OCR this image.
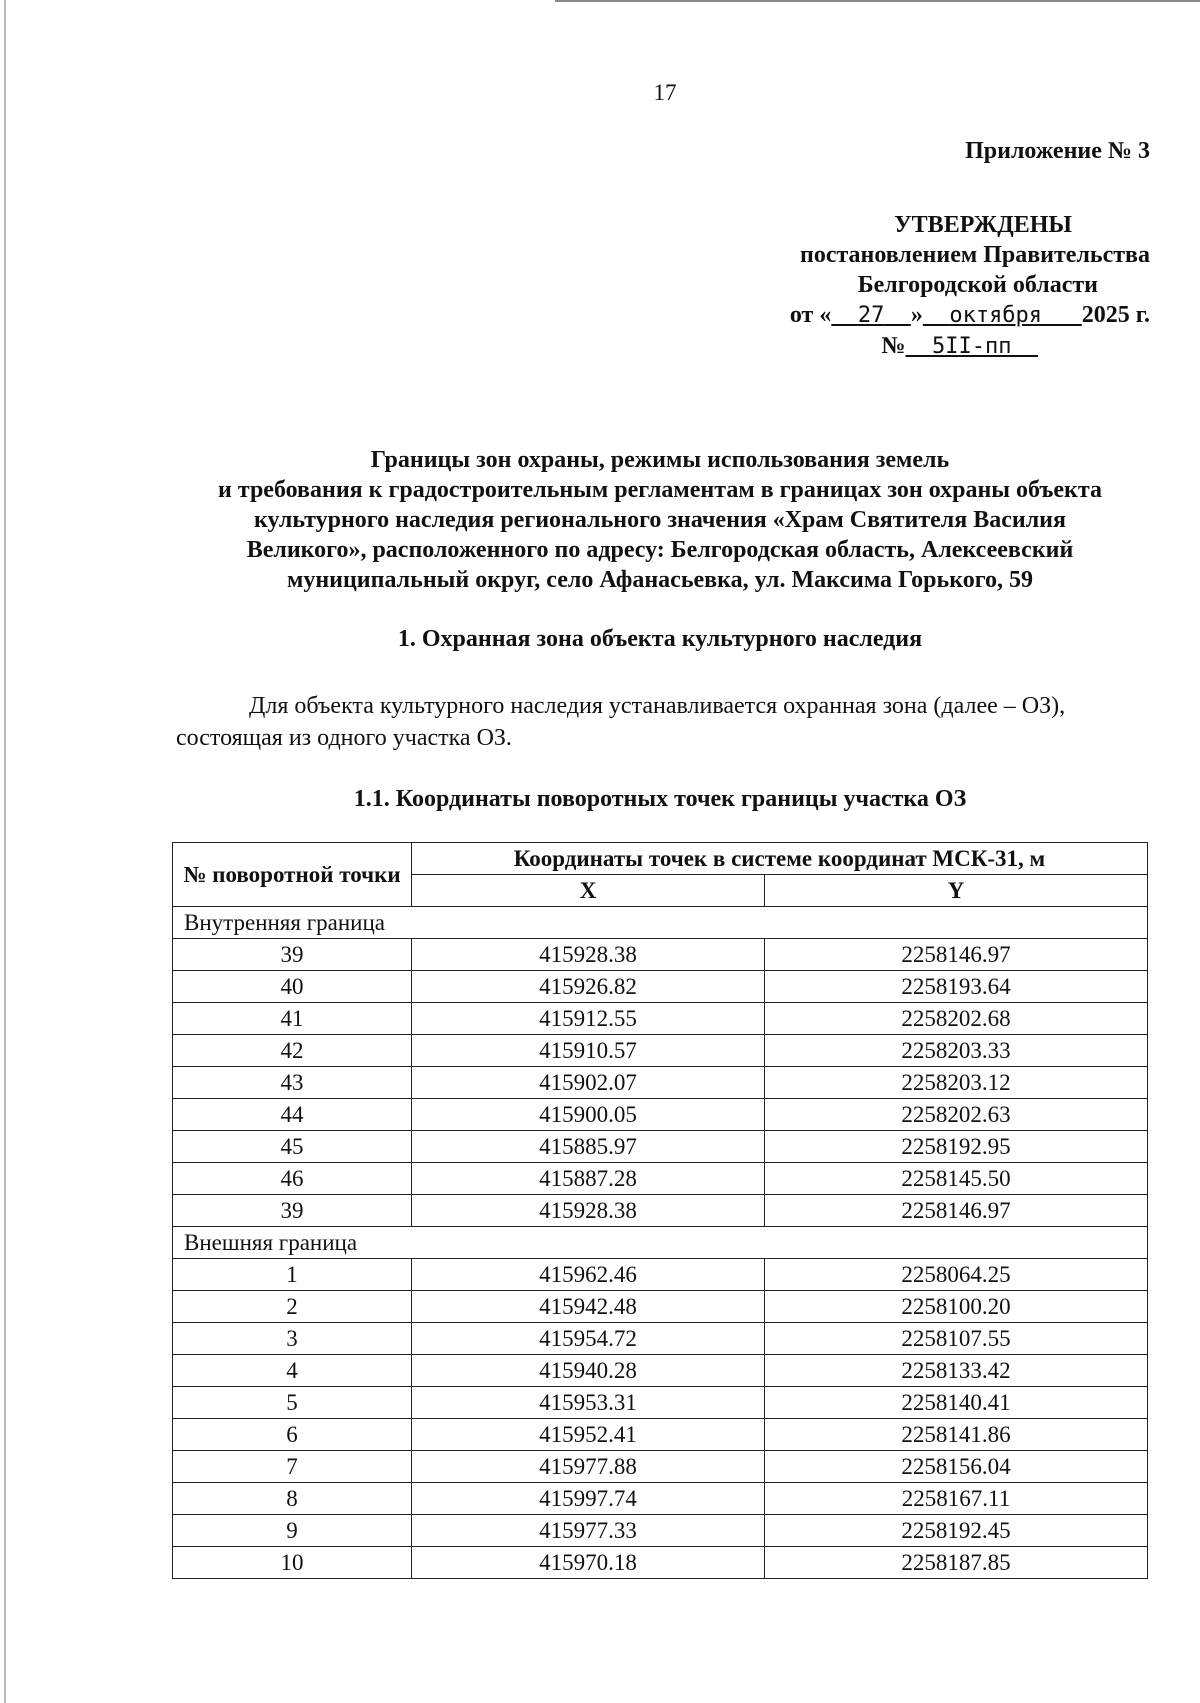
17
Приложение № 3
УТВЕРЖДЕНЫ
постановлением Правительства
Белгородской области
от « 27 » октября 2025 г.
№ 5II-пп
Границы зон охраны, режимы использования земель
и требования к градостроительным регламентам в границах зон охраны объекта
культурного наследия регионального значения «Храм Святителя Василия
Великого», расположенного по адресу: Белгородская область, Алексеевский
муниципальный округ, село Афанасьевка, ул. Максима Горького, 59
1. Охранная зона объекта культурного наследия
Для объекта культурного наследия устанавливается охранная зона (далее – ОЗ),
состоящая из одного участка ОЗ.
1.1. Координаты поворотных точек границы участка ОЗ
№ поворотной точки	Координаты точек в системе координат МСК-31, м	
	X	Y
Внутренняя граница		
39	415928.38	2258146.97
40	415926.82	2258193.64
41	415912.55	2258202.68
42	415910.57	2258203.33
43	415902.07	2258203.12
44	415900.05	2258202.63
45	415885.97	2258192.95
46	415887.28	2258145.50
39	415928.38	2258146.97
Внешняя граница		
1	415962.46	2258064.25
2	415942.48	2258100.20
3	415954.72	2258107.55
4	415940.28	2258133.42
5	415953.31	2258140.41
6	415952.41	2258141.86
7	415977.88	2258156.04
8	415997.74	2258167.11
9	415977.33	2258192.45
10	415970.18	2258187.85
